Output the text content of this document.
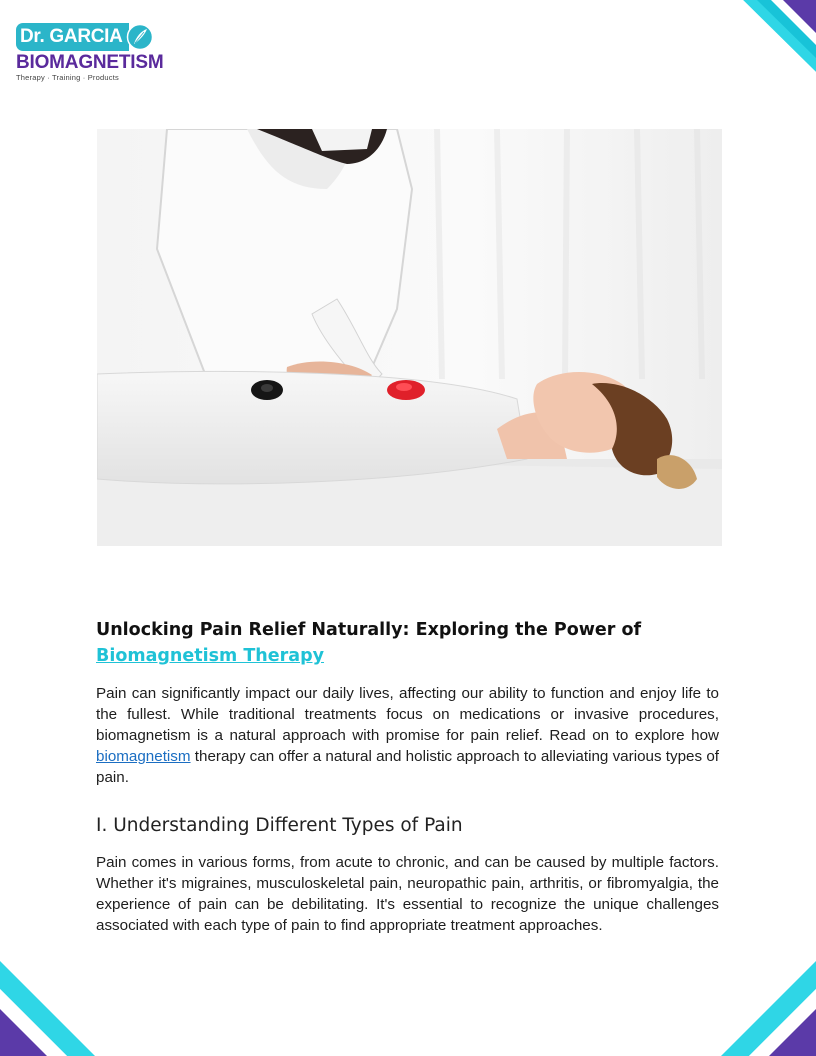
Dr. GARCIA
BIOMAGNETISM
Therapy · Training · Products
Unlocking Pain Relief Naturally: Exploring the Power of
Biomagnetism Therapy

Pain can significantly impact our daily lives, affecting our ability to function and enjoy life to the fullest. While traditional treatments focus on medications or invasive procedures, biomagnetism is a natural approach with promise for pain relief. Read on to explore how biomagnetism therapy can offer a natural and holistic approach to alleviating various types of pain.

I. Understanding Different Types of Pain

Pain comes in various forms, from acute to chronic, and can be caused by multiple factors. Whether it's migraines, musculoskeletal pain, neuropathic pain, arthritis, or fibromyalgia, the experience of pain can be debilitating. It's essential to recognize the unique challenges associated with each type of pain to find appropriate treatment approaches.
